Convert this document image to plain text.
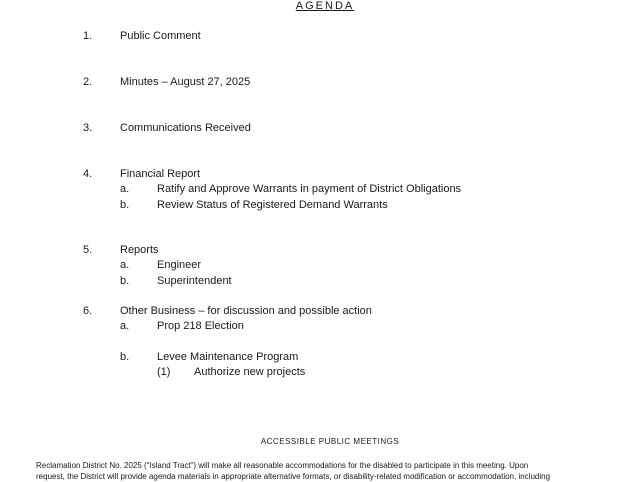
AGENDA
1.	Public Comment
2.	Minutes – August 27, 2025
3.	Communications Received
4.	Financial Report
a.	Ratify and Approve Warrants in payment of District Obligations
b.	Review Status of Registered Demand Warrants
5.	Reports
a.	Engineer
b.	Superintendent
6.	Other Business – for discussion and possible action
a.	Prop 218 Election
b.	Levee Maintenance Program
(1) Authorize new projects
ACCESSIBLE PUBLIC MEETINGS
Reclamation District No. 2025 (“Island Tract”) will make all reasonable accommodations for the disabled to participate in this meeting. Upon
request, the District will provide agenda materials in appropriate alternative formats, or disability-related modification or accommodation, including
